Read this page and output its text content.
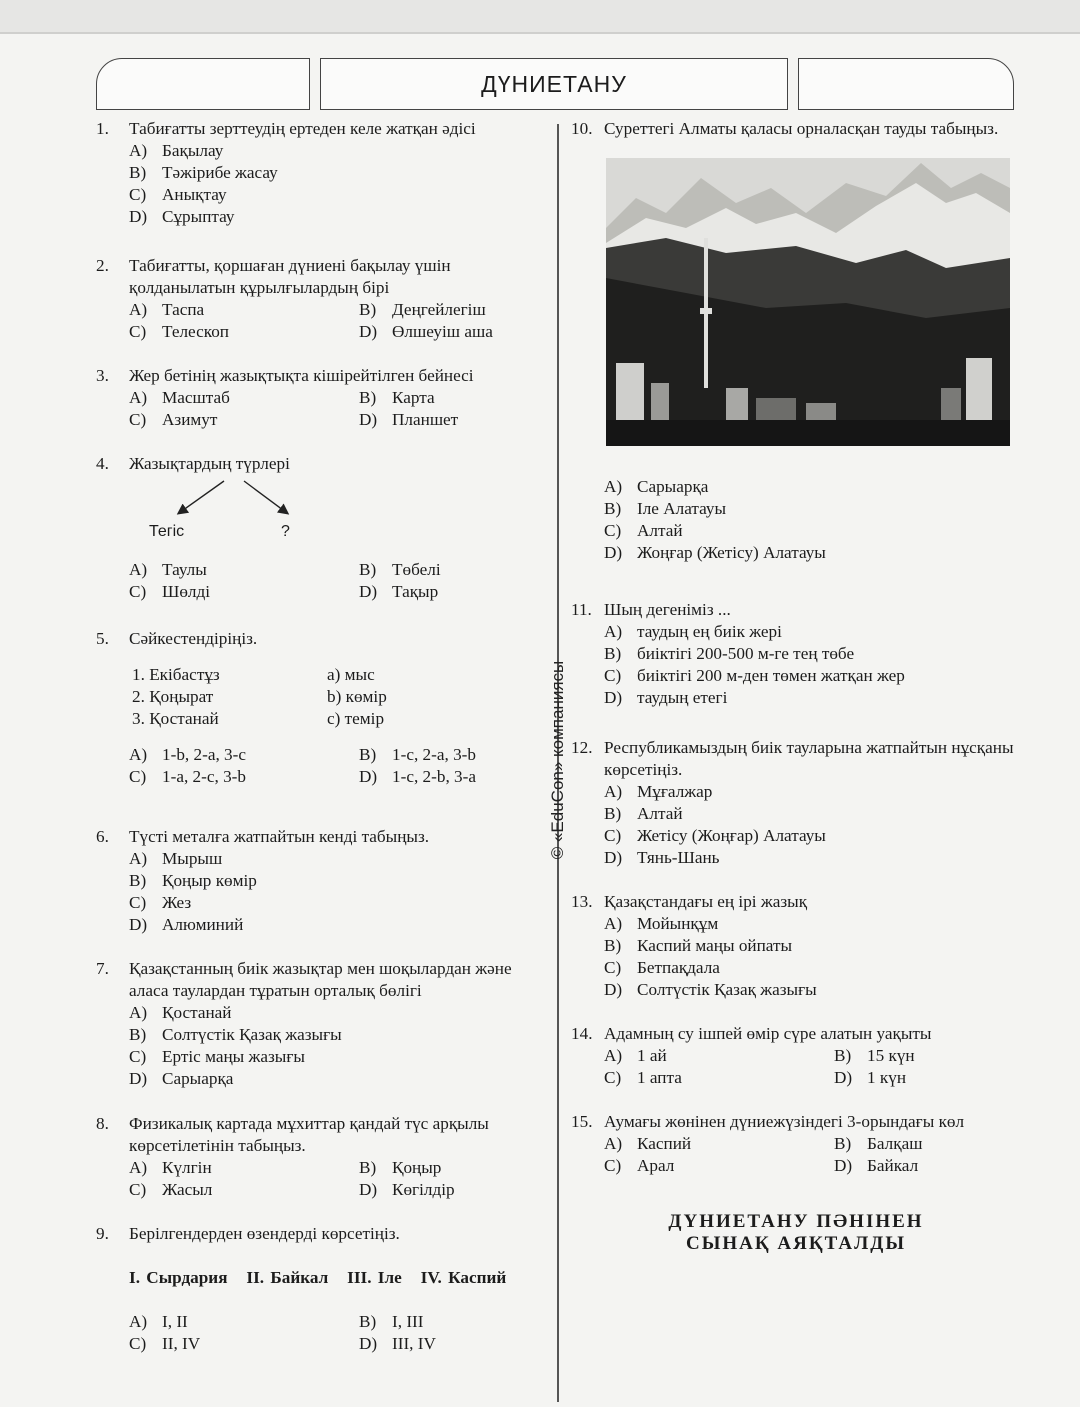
ДҮНИЕТАНУ
© «EduCon» компаниясы
1.	Табиғатты зерттеудің ертеден келе жатқан әдісі
A) Бақылау
B) Тәжірибе жасау
C) Анықтау
D) Сұрыптау
2.	Табиғатты, қоршаған дүниені бақылау үшін қолданылатын құрылғылардың бірі
A) Таспа	B) Деңгейлегіш
C) Телескоп	D) Өлшеуіш аша
3.	Жер бетінің жазықтықта кішірейтілген бейнесі
A) Масштаб	B) Карта
C) Азимут	D) Планшет
4.	Жазықтардың түрлері
Тегіс	?
A) Таулы	B) Төбелі
C) Шөлді	D) Тақыр
5.	Сәйкестендіріңіз.
1. Екібастұз	a) мыс
2. Қоңырат	b) көмір
3. Қостанай	c) темір
A) 1-b, 2-a, 3-c	B) 1-c, 2-a, 3-b
C) 1-a, 2-c, 3-b	D) 1-c, 2-b, 3-a
6.	Түсті металға жатпайтын кенді табыңыз.
A) Мырыш
B) Қоңыр көмір
C) Жез
D) Алюминий
7.	Қазақстанның биік жазықтар мен шоқылардан және аласа таулардан тұратын орталық бөлігі
A) Қостанай
B) Солтүстік Қазақ жазығы
C) Ертіс маңы жазығы
D) Сарыарқа
8.	Физикалық картада мұхиттар қандай түс арқылы көрсетілетінін табыңыз.
A) Күлгін	B) Қоңыр
C) Жасыл	D) Көгілдір
9.	Берілгендерден өзендерді көрсетіңіз.
I. Сырдария   II. Байкал   III. Іле   IV. Каспий
A) I, II	B) I, III
C) II, IV	D) III, IV
10. Суреттегі Алматы қаласы орналасқан тауды табыңыз.
A) Сарыарқа
B) Іле Алатауы
C) Алтай
D) Жоңғар (Жетісу) Алатауы
11. Шың дегеніміз ...
A) таудың ең биік жері
B) биіктігі 200-500 м-ге тең төбе
C) биіктігі 200 м-ден төмен жатқан жер
D) таудың етегі
12. Республикамыздың биік тауларына жатпайтын нұсқаны көрсетіңіз.
A) Мұғалжар
B) Алтай
C) Жетісу (Жоңғар) Алатауы
D) Тянь-Шань
13. Қазақстандағы ең ірі жазық
A) Мойынқұм
B) Каспий маңы ойпаты
C) Бетпақдала
D) Солтүстік Қазақ жазығы
14. Адамның су ішпей өмір сүре алатын уақыты
A) 1 ай	B) 15 күн
C) 1 апта	D) 1 күн
15. Аумағы жөнінен дүниежүзіндегі 3-орындағы көл
A) Каспий	B) Балқаш
C) Арал	D) Байкал
ДҮНИЕТАНУ ПӘНІНЕН
СЫНАҚ АЯҚТАЛДЫ
